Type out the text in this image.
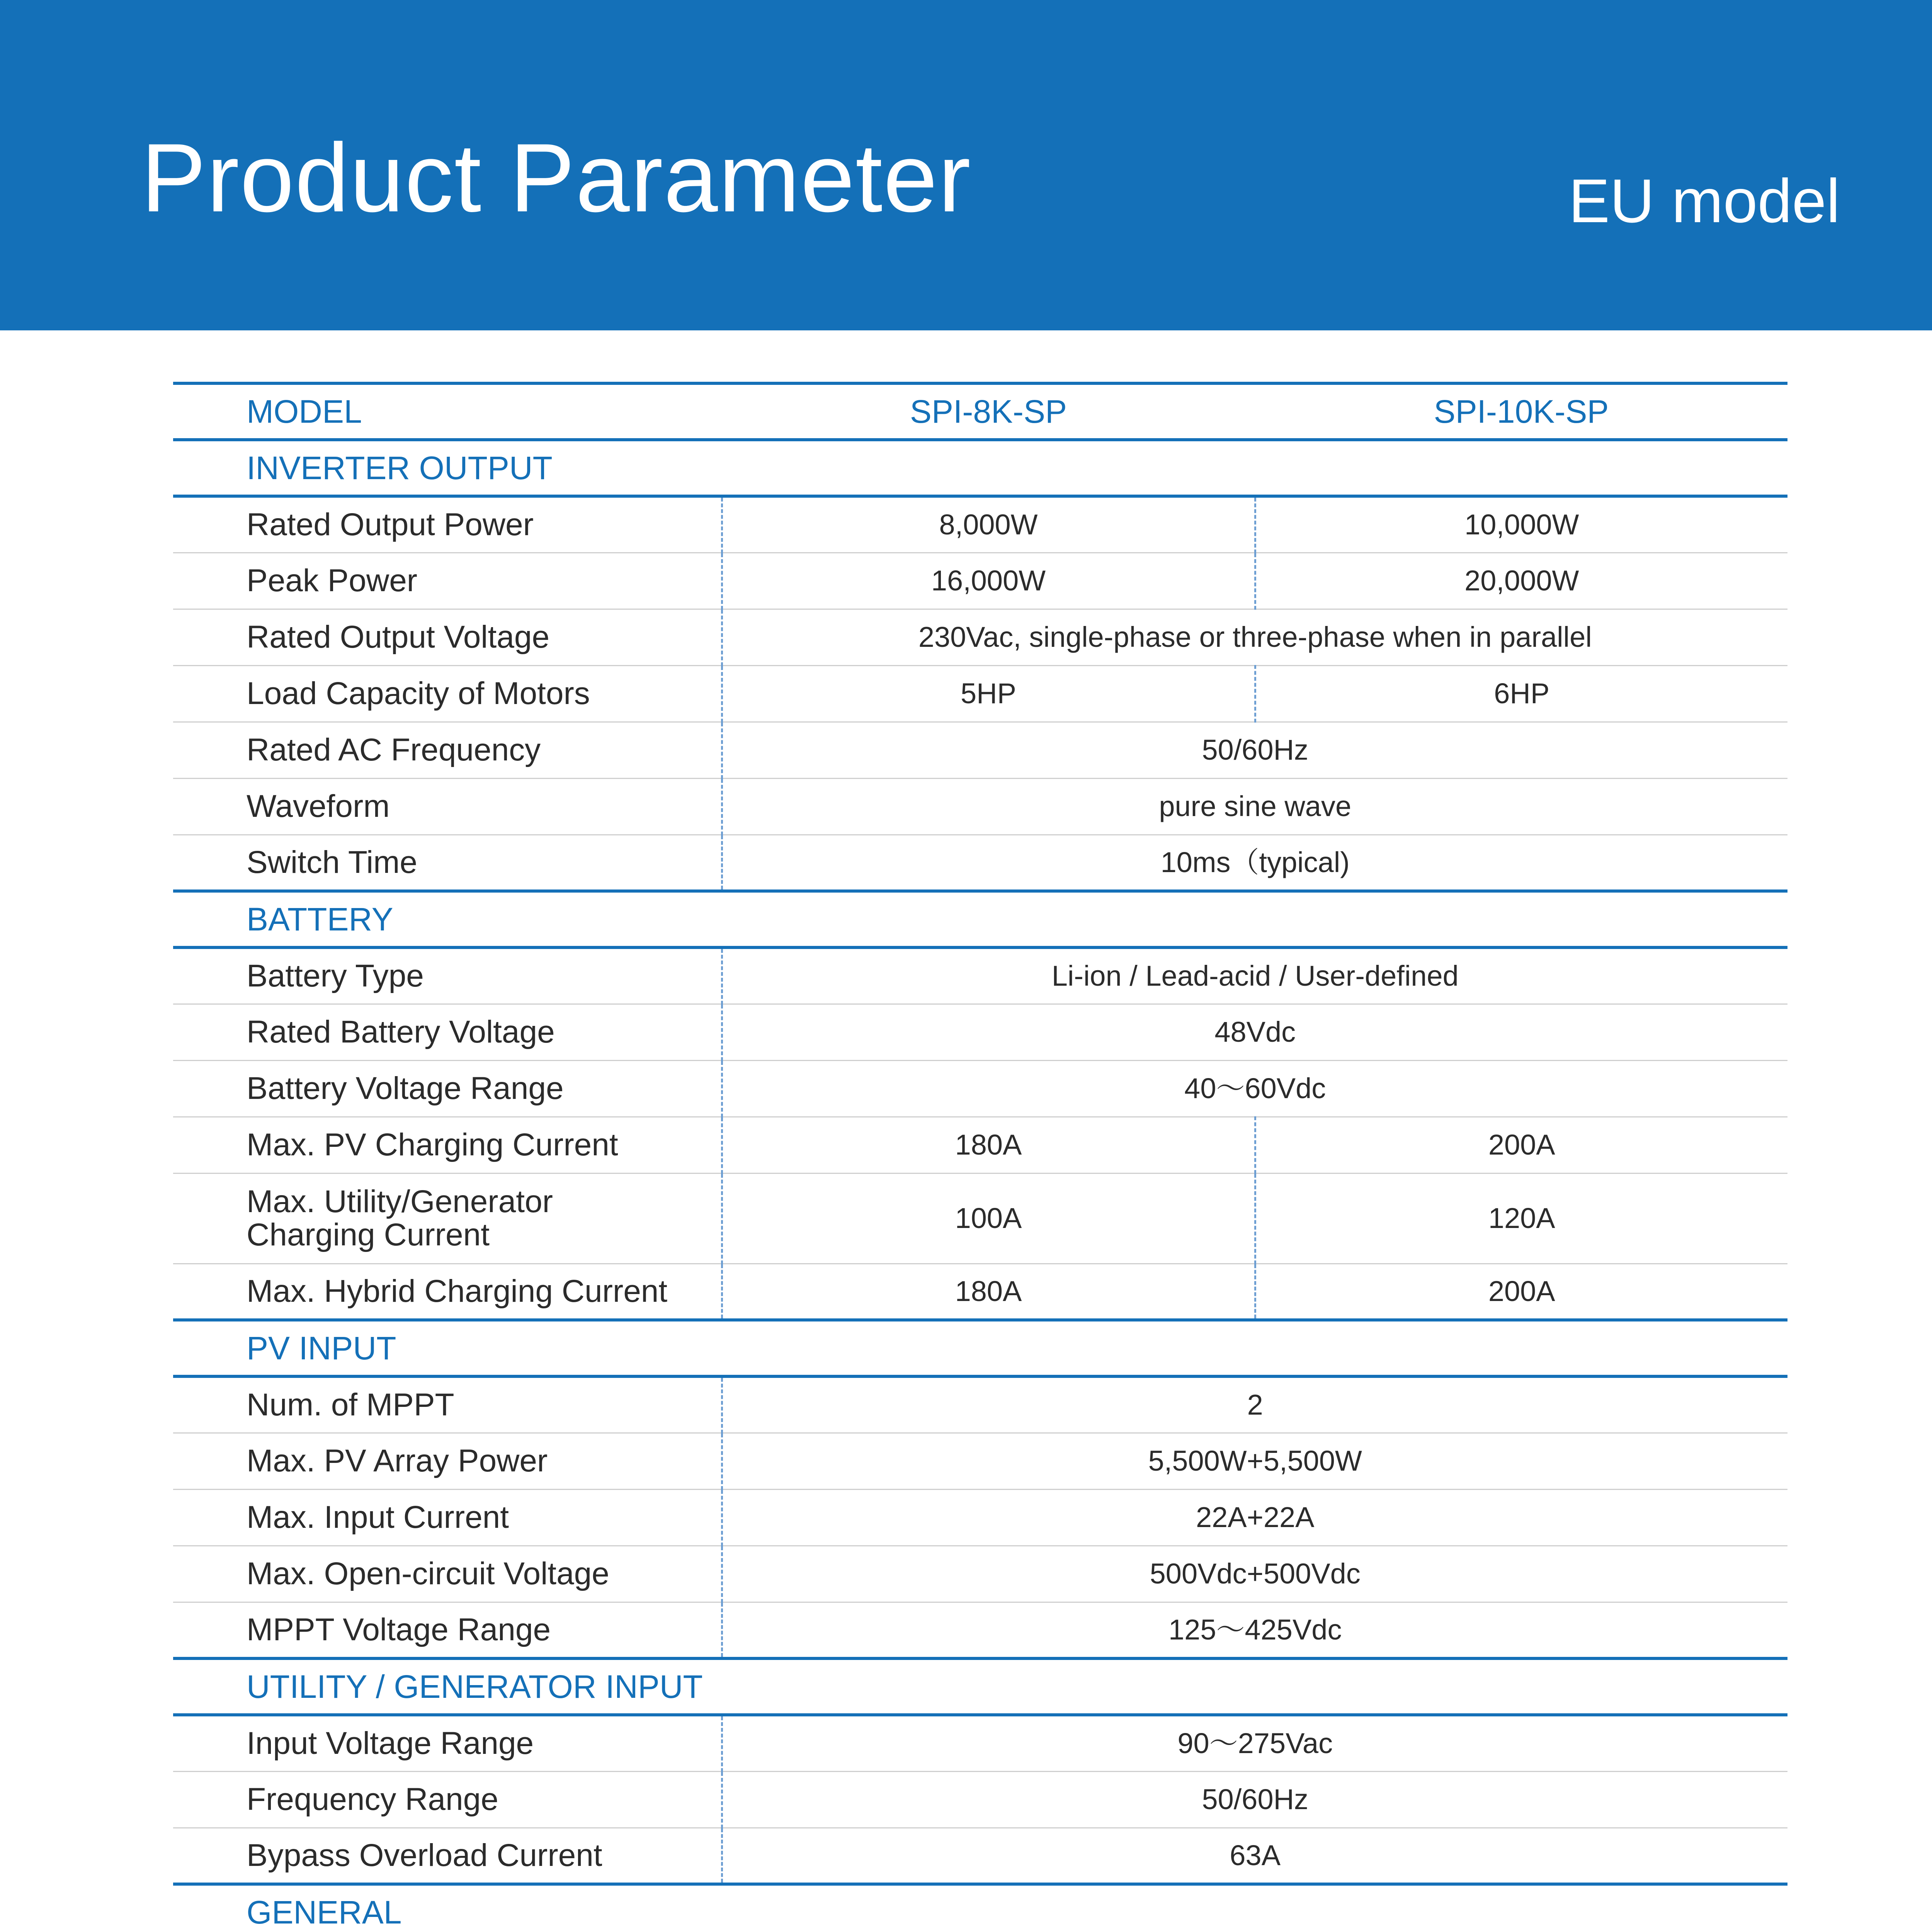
Product Parameter	EU model
MODEL	SPI-8K-SP	SPI-10K-SP
INVERTER OUTPUT		
Rated Output Power	8,000W	10,000W
Peak Power	16,000W	20,000W
Rated Output Voltage	230Vac, single-phase or three-phase when in parallel	
Load Capacity of Motors	5HP	6HP
Rated AC Frequency	50/60Hz	
Waveform	pure sine wave	
Switch Time	10ms（typical)	
BATTERY		
Battery Type	Li-ion / Lead-acid / User-defined	
Rated Battery Voltage	48Vdc	
Battery Voltage Range	40～60Vdc	
Max. PV Charging Current	180A	200A
Max. Utility/Generator
Charging Current	100A	120A
Max. Hybrid Charging Current	180A	200A
PV INPUT		
Num. of MPPT	2	
Max. PV Array Power	5,500W+5,500W	
Max. Input Current	22A+22A	
Max. Open-circuit Voltage	500Vdc+500Vdc	
MPPT Voltage Range	125～425Vdc	
UTILITY / GENERATOR INPUT		
Input Voltage Range	90～275Vac	
Frequency Range	50/60Hz	
Bypass Overload Current	63A	
GENERAL		
